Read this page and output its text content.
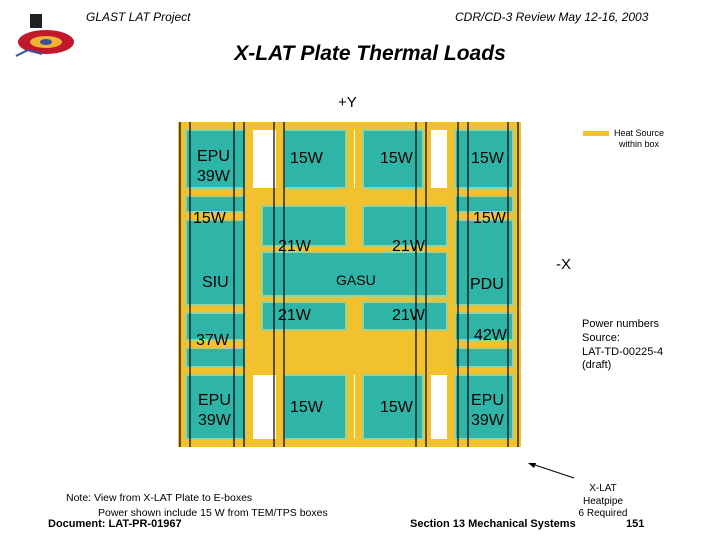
GLAST LAT Project	CDR/CD-3 Review May 12-16, 2003
X-LAT Plate Thermal Loads
+Y
EPU
39W
15W	15W	15W
15W	15W
21W	21W
GASU
SIU	PDU
21W	21W
37W	42W
EPU
39W
15W	15W	EPU
39W
-X
Heat Source within box
Power numbers
Source:
LAT-TD-00225-4
(draft)
X-LAT Heatpipe
6 Required
Note: View from X-LAT Plate to E-boxes
Power shown include 15 W from TEM/TPS boxes
Document: LAT-PR-01967	Section 13 Mechanical Systems	151
